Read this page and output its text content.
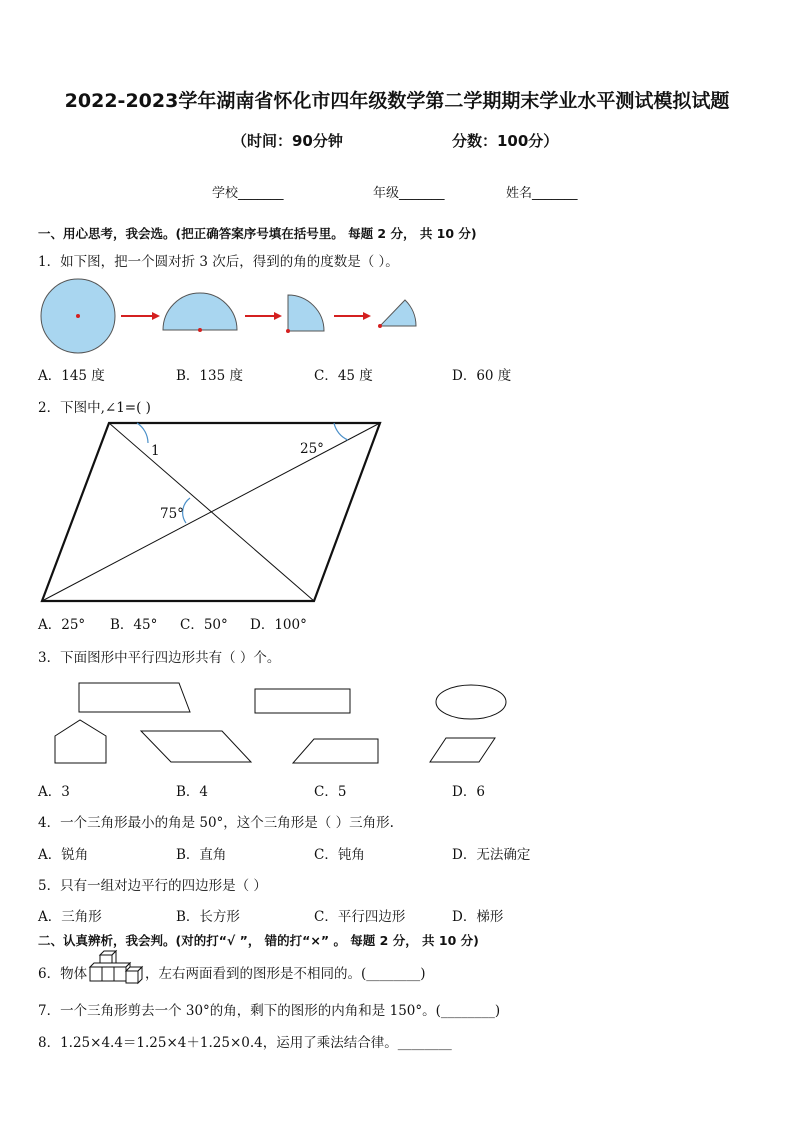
2022-2023学年湖南省怀化市四年级数学第二学期期末学业水平测试模拟试题
（时间：90分钟	分数：100分）
学校_______	年级_______	姓名_______
一、用心思考，我会选。(把正确答案序号填在括号里。 每题 2 分， 共 10 分)
1．如下图，把一个圆对折 3 次后，得到的角的度数是（ ）。
A．145 度	B．135 度	C．45 度	D．60 度
2．下图中,∠1=( )
1	25°
75°
A．25° B．45° C．50° D．100°
3．下面图形中平行四边形共有（ ）个。
A．3	B．4	C．5	D．6
4．一个三角形最小的角是 50°，这个三角形是（ ）三角形.
A．锐角	B．直角	C．钝角	D．无法确定
5．只有一组对边平行的四边形是（ ）
A．三角形	B．长方形	C．平行四边形	D．梯形
二、认真辨析，我会判。(对的打“√ ”， 错的打“×” 。 每题 2 分， 共 10 分)
6．物体	，左右两面看到的图形是不相同的。(________)
7．一个三角形剪去一个 30°的角，剩下的图形的内角和是 150°。(________)
8．1.25×4.4＝1.25×4＋1.25×0.4，运用了乘法结合律。________
